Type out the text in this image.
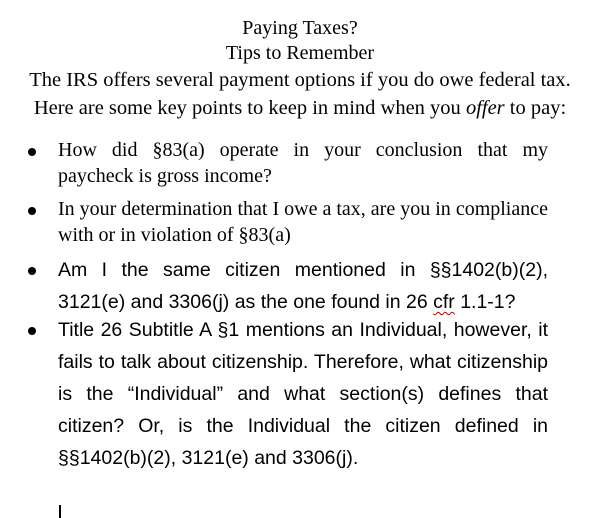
Paying Taxes?
Tips to Remember
The IRS offers several payment options if you do owe federal tax.
Here are some key points to keep in mind when you offer to pay:
How did §83(a) operate in your conclusion that my paycheck is gross income?
In your determination that I owe a tax, are you in compliance with or in violation of §83(a)
Am I the same citizen mentioned in §§1402(b)(2), 3121(e) and 3306(j) as the one found in 26 cfr 1.1-1?
Title 26 Subtitle A §1 mentions an Individual, however, it fails to talk about citizenship. Therefore, what citizenship is the “Individual” and what section(s) defines that citizen? Or, is the Individual the citizen defined in §§1402(b)(2), 3121(e) and 3306(j).
